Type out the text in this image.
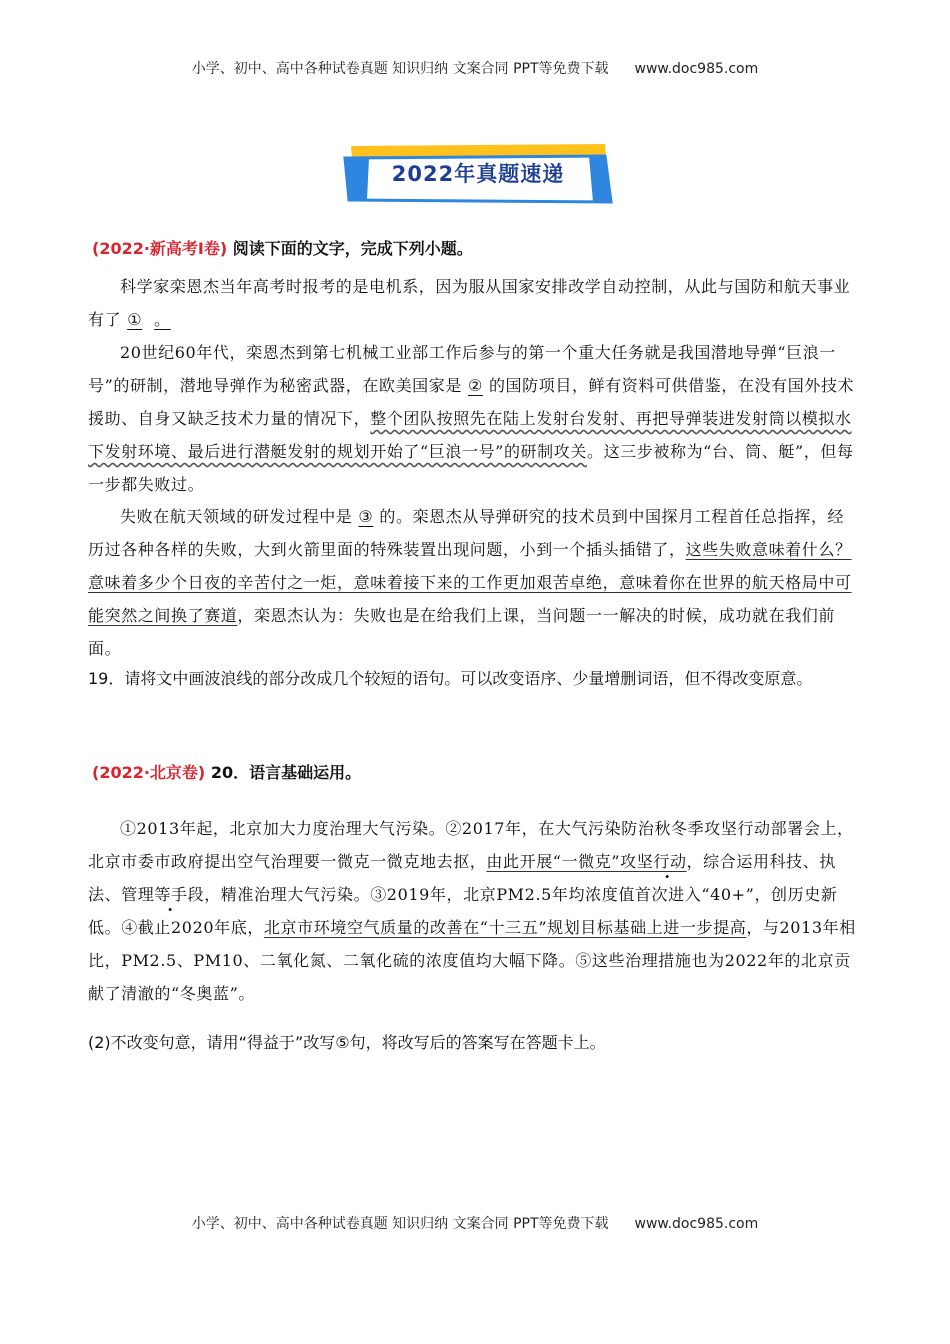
小学、初中、高中各种试卷真题 知识归纳 文案合同 PPT等免费下载 www.doc985.com
2022年真题速递
(2022·新高考Ⅰ卷) 阅读下面的文字，完成下列小题。
科学家栾恩杰当年高考时报考的是电机系，因为服从国家安排改学自动控制，从此与国防和航天事业有了 ① 。
20世纪60年代，栾恩杰到第七机械工业部工作后参与的第一个重大任务就是我国潜地导弹“巨浪一号”的研制，潜地导弹作为秘密武器，在欧美国家是 ② 的国防项目，鲜有资料可供借鉴，在没有国外技术援助、自身又缺乏技术力量的情况下，整个团队按照先在陆上发射台发射、再把导弹装进发射筒以模拟水下发射环境、最后进行潜艇发射的规划开始了“巨浪一号”的研制攻关。这三步被称为“台、筒、艇”，但每一步都失败过。
失败在航天领域的研发过程中是 ③ 的。栾恩杰从导弹研究的技术员到中国探月工程首任总指挥，经历过各种各样的失败，大到火箭里面的特殊装置出现问题，小到一个插头插错了，这些失败意味着什么？意味着多少个日夜的辛苦付之一炬，意味着接下来的工作更加艰苦卓绝，意味着你在世界的航天格局中可能突然之间换了赛道，栾恩杰认为：失败也是在给我们上课，当问题一一解决的时候，成功就在我们前面。
19．请将文中画波浪线的部分改成几个较短的语句。可以改变语序、少量增删词语，但不得改变原意。
(2022·北京卷) 20．语言基础运用。
①2013年起，北京加大力度治理大气污染。②2017年，在大气污染防治秋冬季攻坚行动部署会上，北京市委市政府提出空气治理要一微克一微克地去抠，由此开展“一微克”攻坚行动，综合运用科技、执法、管理等手段，精准治理大气污染。③2019年，北京PM2.5年均浓度值首次进入“40+”，创历史新低。④截止2020年底，北京市环境空气质量的改善在“十三五”规划目标基础上进一步提高，与2013年相比，PM2.5、PM10、二氧化氮、二氧化硫的浓度值均大幅下降。⑤这些治理措施也为2022年的北京贡献了清澈的“冬奥蓝”。
(2)不改变句意，请用“得益于”改写⑤句，将改写后的答案写在答题卡上。
小学、初中、高中各种试卷真题 知识归纳 文案合同 PPT等免费下载 www.doc985.com
